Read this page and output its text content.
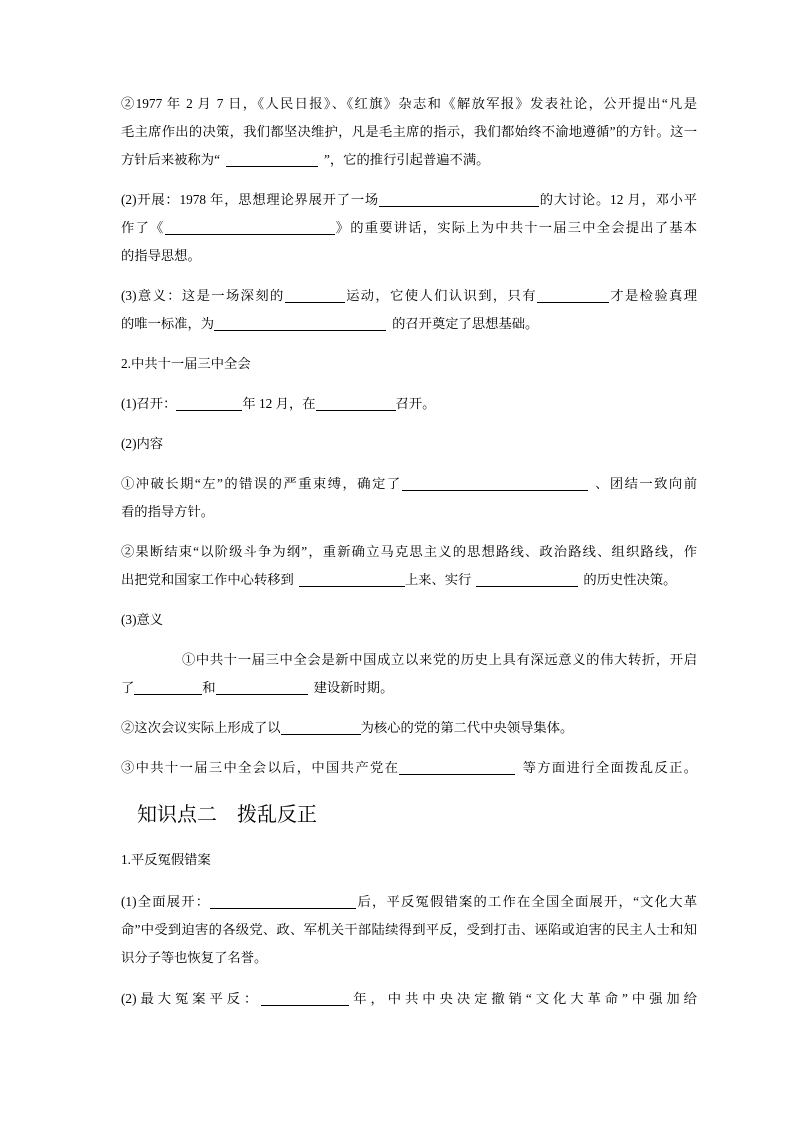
②1977 年 2 月 7 日，《人民日报》、《红旗》杂志和《解放军报》发表社论，公开提出“凡是
毛主席作出的决策，我们都坚决维护，凡是毛主席的指示，我们都始终不渝地遵循”的方针。这一
方针后来被称为“	”，它的推行引起普遍不满。
(2)开展：1978 年，思想理论界展开了一场	的大讨论。12 月，邓小平
作了《	》的重要讲话，实际上为中共十一届三中全会提出了基本
的指导思想。
(3)意义：这是一场深刻的	运动，它使人们认识到，只有	才是检验真理
的唯一标准，为	的召开奠定了思想基础。
2.中共十一届三中全会
(1)召开：	年 12 月，在	召开。
(2)内容
①冲破长期“左”的错误的严重束缚，确定了	、团结一致向前
看的指导方针。
②果断结束“以阶级斗争为纲”，重新确立马克思主义的思想路线、政治路线、组织路线，作
出把党和国家工作中心转移到	上来、实行	的历史性决策。
(3)意义
①中共十一届三中全会是新中国成立以来党的历史上具有深远意义的伟大转折，开启
了	和	建设新时期。
②这次会议实际上形成了以	为核心的党的第二代中央领导集体。
③中共十一届三中全会以后，中国共产党在	等方面进行全面拨乱反正。
知识点二　拨乱反正
1.平反冤假错案
(1)全面展开：	后，平反冤假错案的工作在全国全面展开，“文化大革
命”中受到迫害的各级党、政、军机关干部陆续得到平反，受到打击、诬陷或迫害的民主人士和知
识分子等也恢复了名誉。
(2)最大冤案平反：	年，中共中央决定撤销“文化大革命”中强加给
